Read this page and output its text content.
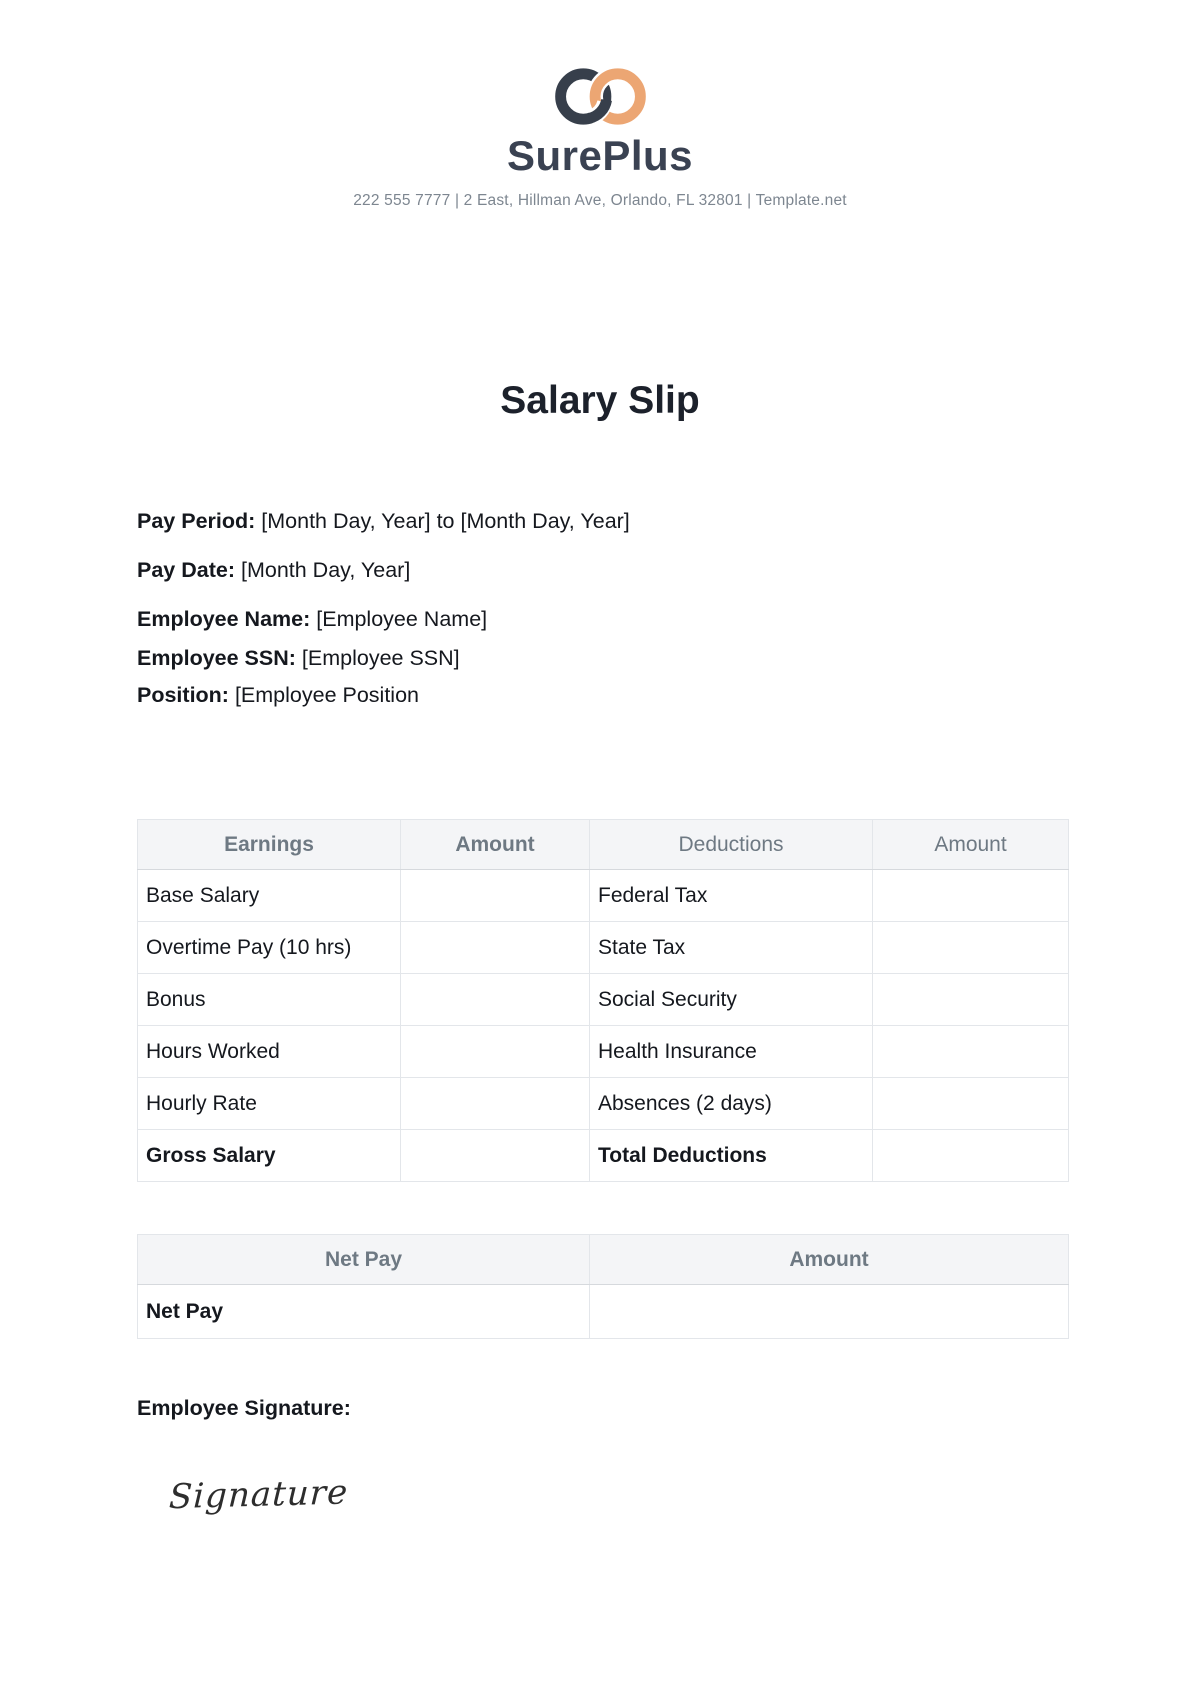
SurePlus
222 555 7777 | 2 East, Hillman Ave, Orlando, FL 32801 | Template.net
Salary Slip

Pay Period: [Month Day, Year] to [Month Day, Year]

Pay Date: [Month Day, Year]

Employee Name: [Employee Name]

Employee SSN: [Employee SSN]

Position: [Employee Position

Earnings	Amount	Deductions	Amount
Base Salary		Federal Tax	
Overtime Pay (10 hrs)		State Tax	
Bonus		Social Security	
Hours Worked		Health Insurance	
Hourly Rate		Absences (2 days)	
Gross Salary		Total Deductions	
Net Pay	Amount
Net Pay	

Employee Signature:

Signature
